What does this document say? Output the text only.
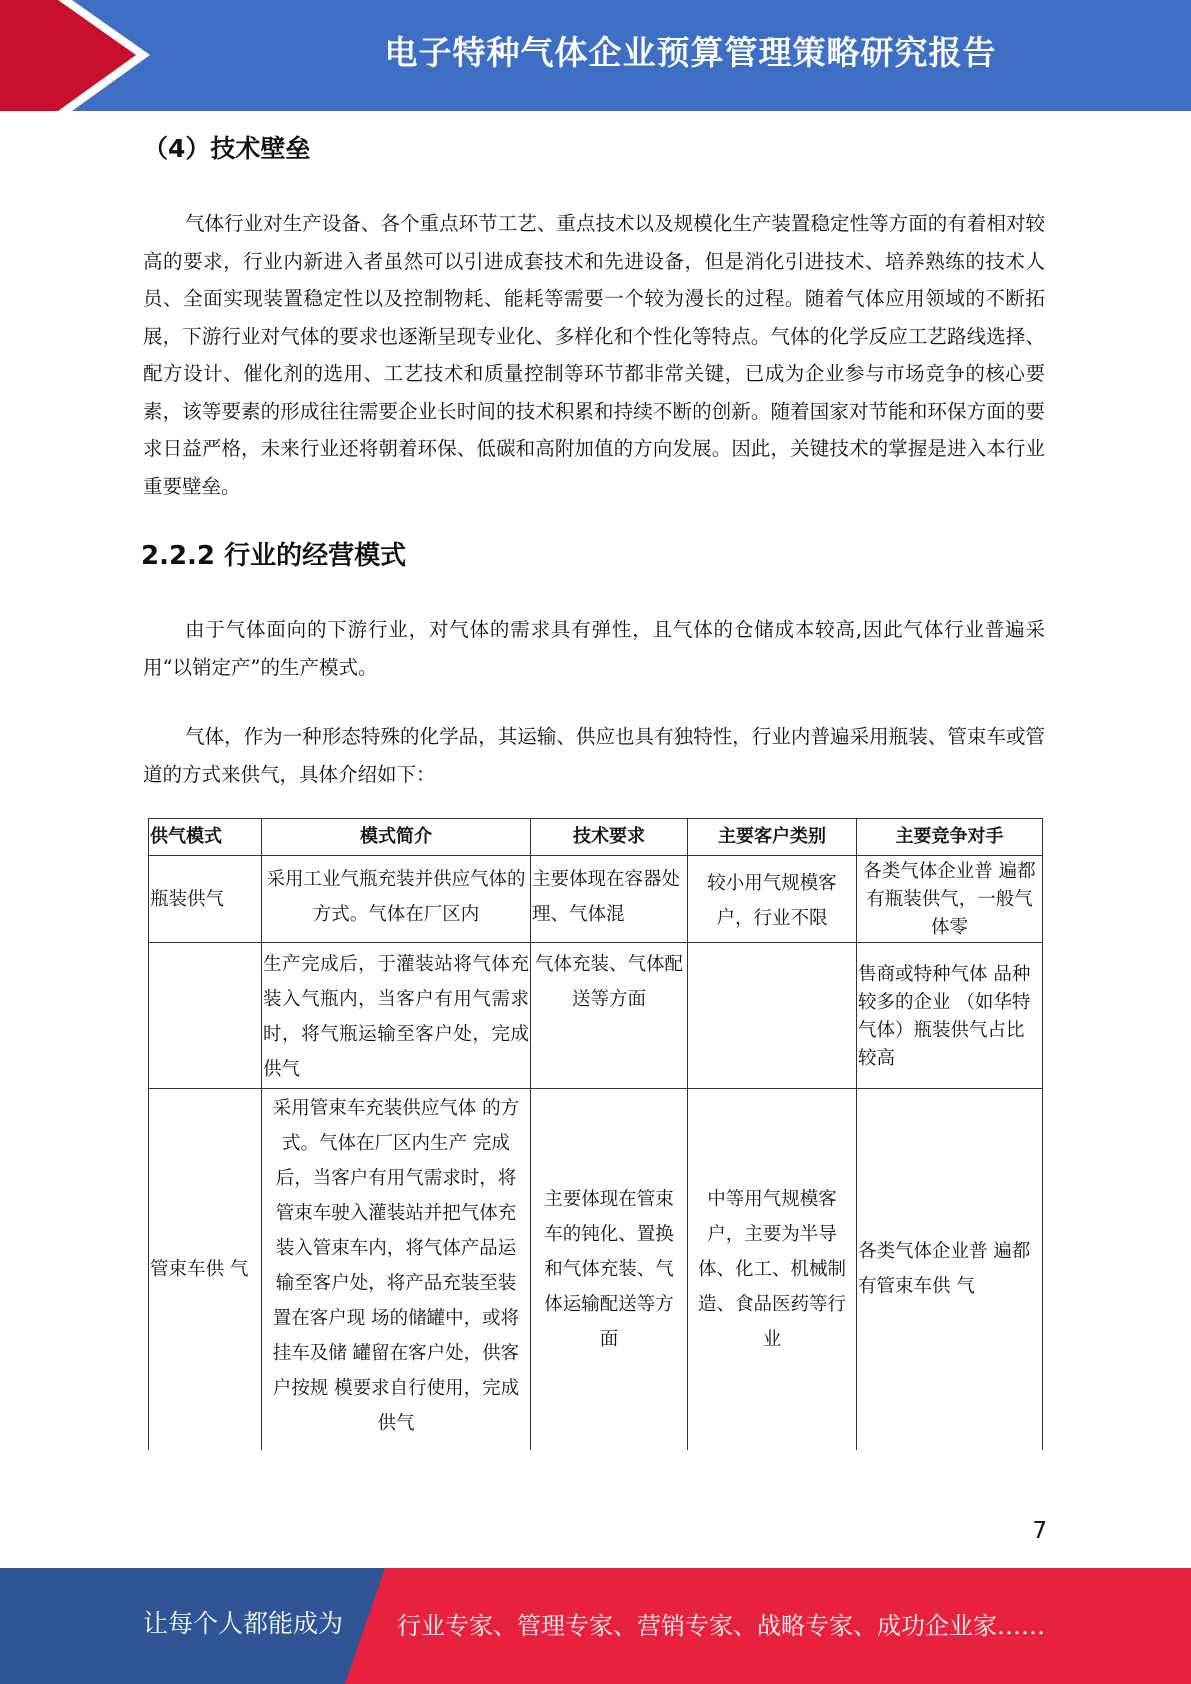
电子特种气体企业预算管理策略研究报告
（4）技术壁垒

气体行业对生产设备、各个重点环节工艺、重点技术以及规模化生产装置稳定性等方面的有着相对较高的要求，行业内新进入者虽然可以引进成套技术和先进设备，但是消化引进技术、培养熟练的技术人员、全面实现装置稳定性以及控制物耗、能耗等需要一个较为漫长的过程。随着气体应用领域的不断拓展，下游行业对气体的要求也逐渐呈现专业化、多样化和个性化等特点。气体的化学反应工艺路线选择、配方设计、催化剂的选用、工艺技术和质量控制等环节都非常关键，已成为企业参与市场竞争的核心要素，该等要素的形成往往需要企业长时间的技术积累和持续不断的创新。随着国家对节能和环保方面的要求日益严格，未来行业还将朝着环保、低碳和高附加值的方向发展。因此，关键技术的掌握是进入本行业重要壁垒。

2.2.2 行业的经营模式

由于气体面向的下游行业，对气体的需求具有弹性，且气体的仓储成本较高,因此气体行业普遍采用“以销定产”的生产模式。

气体，作为一种形态特殊的化学品，其运输、供应也具有独特性，行业内普遍采用瓶装、管束车或管道的方式来供气，具体介绍如下：

供气模式	模式简介	技术要求	主要客户类别	主要竞争对手
瓶装供气	采用工业气瓶充装并供应气体的方式。气体在厂区内	主要体现在容器处理、气体混	较小用气规模客户，行业不限	各类气体企业普 遍都有瓶装供气，一般气体零
	生产完成后，于灌装站将气体充装入气瓶内，当客户有用气需求时，将气瓶运输至客户处，完成供气	气体充装、气体配送等方面		售商或特种气体 品种较多的企业 （如华特气体）瓶装供气占比较高
管束车供 气	采用管束车充装供应气体 的方式。气体在厂区内生产 完成后，当客户有用气需求时，将管束车驶入灌装站并把气体充装入管束车内，将气体产品运输至客户处，将产品充装至装置在客户现 场的储罐中，或将挂车及储 罐留在客户处，供客户按规 模要求自行使用，完成供气	主要体现在管束车的钝化、置换和气体充装、气体运输配送等方面	中等用气规模客户，主要为半导体、化工、机械制造、食品医药等行业	各类气体企业普 遍都有管束车供 气
7
让每个人都能成为 行业专家、管理专家、营销专家、战略专家、成功企业家……
